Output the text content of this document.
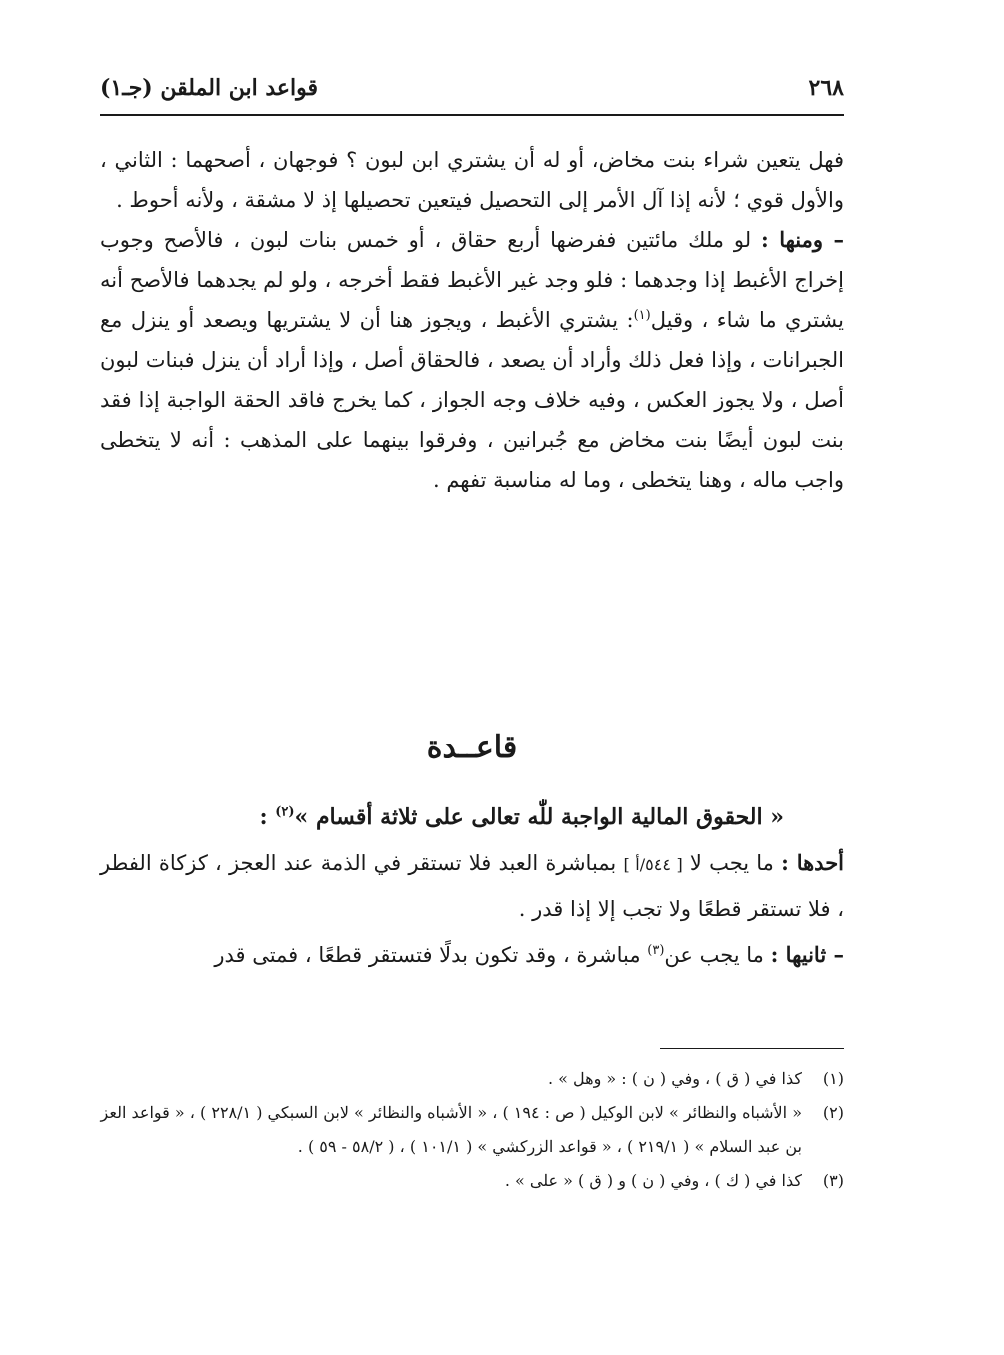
٢٦٨
قواعد ابن الملقن (جـ١)

فهل يتعين شراء بنت مخاض، أو له أن يشتري ابن لبون ؟ فوجهان ، أصحهما : الثاني ، والأول قوي ؛ لأنه إذا آل الأمر إلى التحصيل فيتعين تحصيلها إذ لا مشقة ، ولأنه أحوط .

– ومنها : لو ملك مائتين ففرضها أربع حقاق ، أو خمس بنات لبون ، فالأصح وجوب إخراج الأغبط إذا وجدهما : فلو وجد غير الأغبط فقط أخرجه ، ولو لم يجدهما فالأصح أنه يشتري ما شاء ، وقيل$^{(١)}$: يشتري الأغبط ، ويجوز هنا أن لا يشتريها ويصعد أو ينزل مع الجبرانات ، وإذا فعل ذلك وأراد أن يصعد ، فالحقاق أصل ، وإذا أراد أن ينزل فبنات لبون أصل ، ولا يجوز العكس ، وفيه خلاف وجه الجواز ، كما يخرج فاقد الحقة الواجبة إذا فقد بنت لبون أيضًا بنت مخاض مع جُبرانين ، وفرقوا بينهما على المذهب : أنه لا يتخطى واجب ماله ، وهنا يتخطى ، وما له مناسبة تفهم .

قاعــدة

« الحقوق المالية الواجبة للّٰه تعالى على ثلاثة أقسام »$^{(٢)}$ :

أحدها : ما يجب لا [ ٥٤٤/أ ] بمباشرة العبد فلا تستقر في الذمة عند العجز ، كزكاة الفطر ، فلا تستقر قطعًا ولا تجب إلا إذا قدر .

– ثانيها : ما يجب عن$^{(٣)}$ مباشرة ، وقد تكون بدلًا فتستقر قطعًا ، فمتى قدر

(١)
كذا في ( ق ) ، وفي ( ن ) : « وهل » .
(٢)
« الأشباه والنظائر » لابن الوكيل ( ص : ١٩٤ ) ، « الأشباه والنظائر » لابن السبكي ( ٢٢٨/١ ) ، « قواعد العز بن عبد السلام » ( ٢١٩/١ ) ، « قواعد الزركشي » ( ١٠١/١ ) ، ( ٥٨/٢ - ٥٩ ) .
(٣)
كذا في ( ك ) ، وفي ( ن ) و ( ق ) « على » .
